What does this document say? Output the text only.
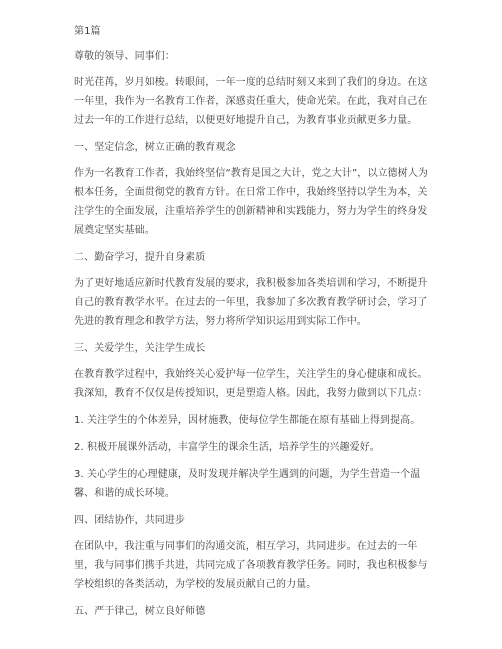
第1篇

尊敬的领导、同事们：

时光荏苒，岁月如梭。转眼间，一年一度的总结时刻又来到了我们的身边。在这一年里，我作为一名教育工作者，深感责任重大，使命光荣。在此，我对自己在过去一年的工作进行总结，以便更好地提升自己，为教育事业贡献更多力量。

一、坚定信念，树立正确的教育观念

作为一名教育工作者，我始终坚信“教育是国之大计，党之大计”，以立德树人为根本任务，全面贯彻党的教育方针。在日常工作中，我始终坚持以学生为本，关注学生的全面发展，注重培养学生的创新精神和实践能力，努力为学生的终身发展奠定坚实基础。

二、勤奋学习，提升自身素质

为了更好地适应新时代教育发展的要求，我积极参加各类培训和学习，不断提升自己的教育教学水平。在过去的一年里，我参加了多次教育教学研讨会，学习了先进的教育理念和教学方法，努力将所学知识运用到实际工作中。

三、关爱学生，关注学生成长

在教育教学过程中，我始终关心爱护每一位学生，关注学生的身心健康和成长。我深知，教育不仅仅是传授知识，更是塑造人格。因此，我努力做到以下几点：

1. 关注学生的个体差异，因材施教，使每位学生都能在原有基础上得到提高。

2. 积极开展课外活动，丰富学生的课余生活，培养学生的兴趣爱好。

3. 关心学生的心理健康，及时发现并解决学生遇到的问题，为学生营造一个温馨、和谐的成长环境。

四、团结协作，共同进步

在团队中，我注重与同事们的沟通交流，相互学习，共同进步。在过去的一年里，我与同事们携手共进，共同完成了各项教育教学任务。同时，我也积极参与学校组织的各类活动，为学校的发展贡献自己的力量。

五、严于律己，树立良好师德
